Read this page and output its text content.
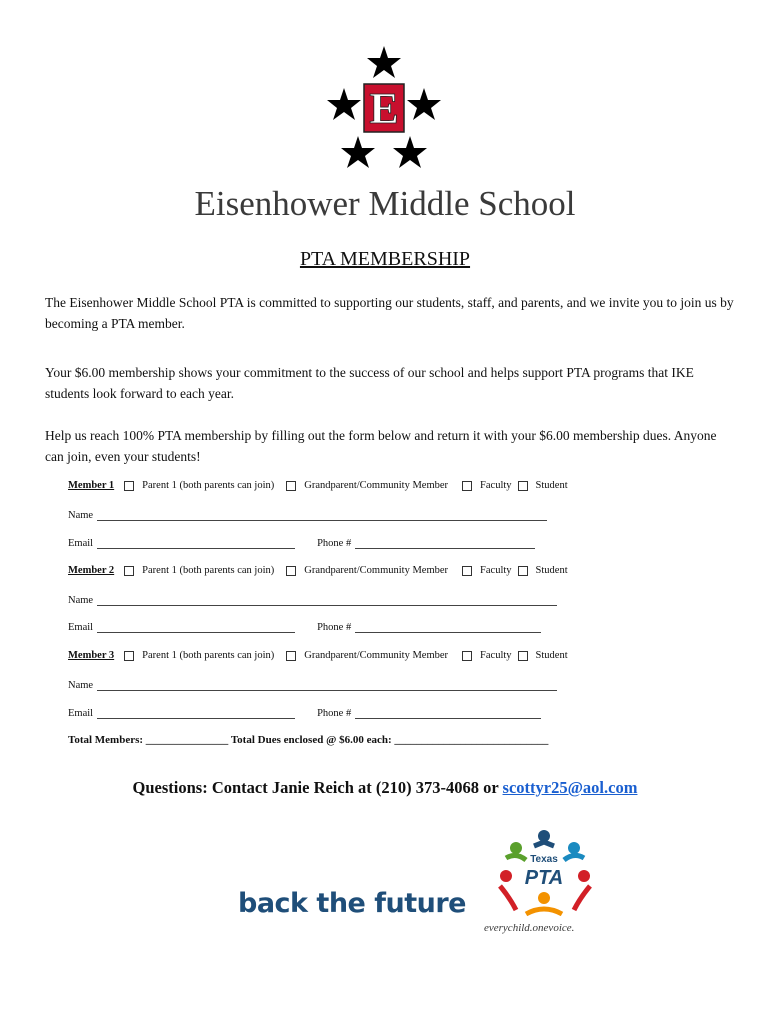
E
Eisenhower Middle School
PTA MEMBERSHIP
The Eisenhower Middle School PTA is committed to supporting our students, staff, and parents, and we invite you to join us by becoming a PTA member.
Your $6.00 membership shows your commitment to the success of our school and helps support PTA programs that IKE students look forward to each year.
Help us reach 100% PTA membership by filling out the form below and return it with your $6.00 membership dues. Anyone can join, even your students!
Member 1	Parent 1 (both parents can join)	Grandparent/Community Member	Faculty Student
Name
Email	Phone #
Member 2	Parent 1 (both parents can join)	Grandparent/Community Member	Faculty Student
Name
Email	Phone #
Member 3	Parent 1 (both parents can join)	Grandparent/Community Member	Faculty Student
Name
Email	Phone #
Total Members: _______________ Total Dues enclosed @ $6.00 each: ____________________________
Questions: Contact Janie Reich at (210) 373-4068 or scottyr25@aol.com
back the future
Texas
PTA
everychild.onevoice.
